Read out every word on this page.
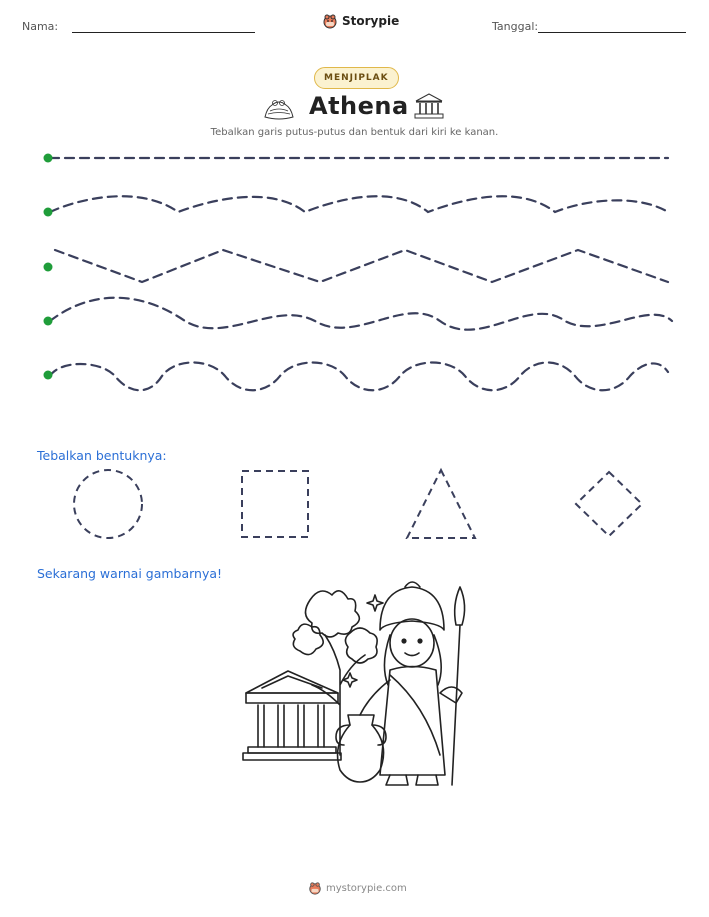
Nama:	Storypie	Tanggal:
MENJIPLAK
Athena
Tebalkan garis putus-putus dan bentuk dari kiri ke kanan.
Tebalkan bentuknya:
Sekarang warnai gambarnya!
mystorypie.com
